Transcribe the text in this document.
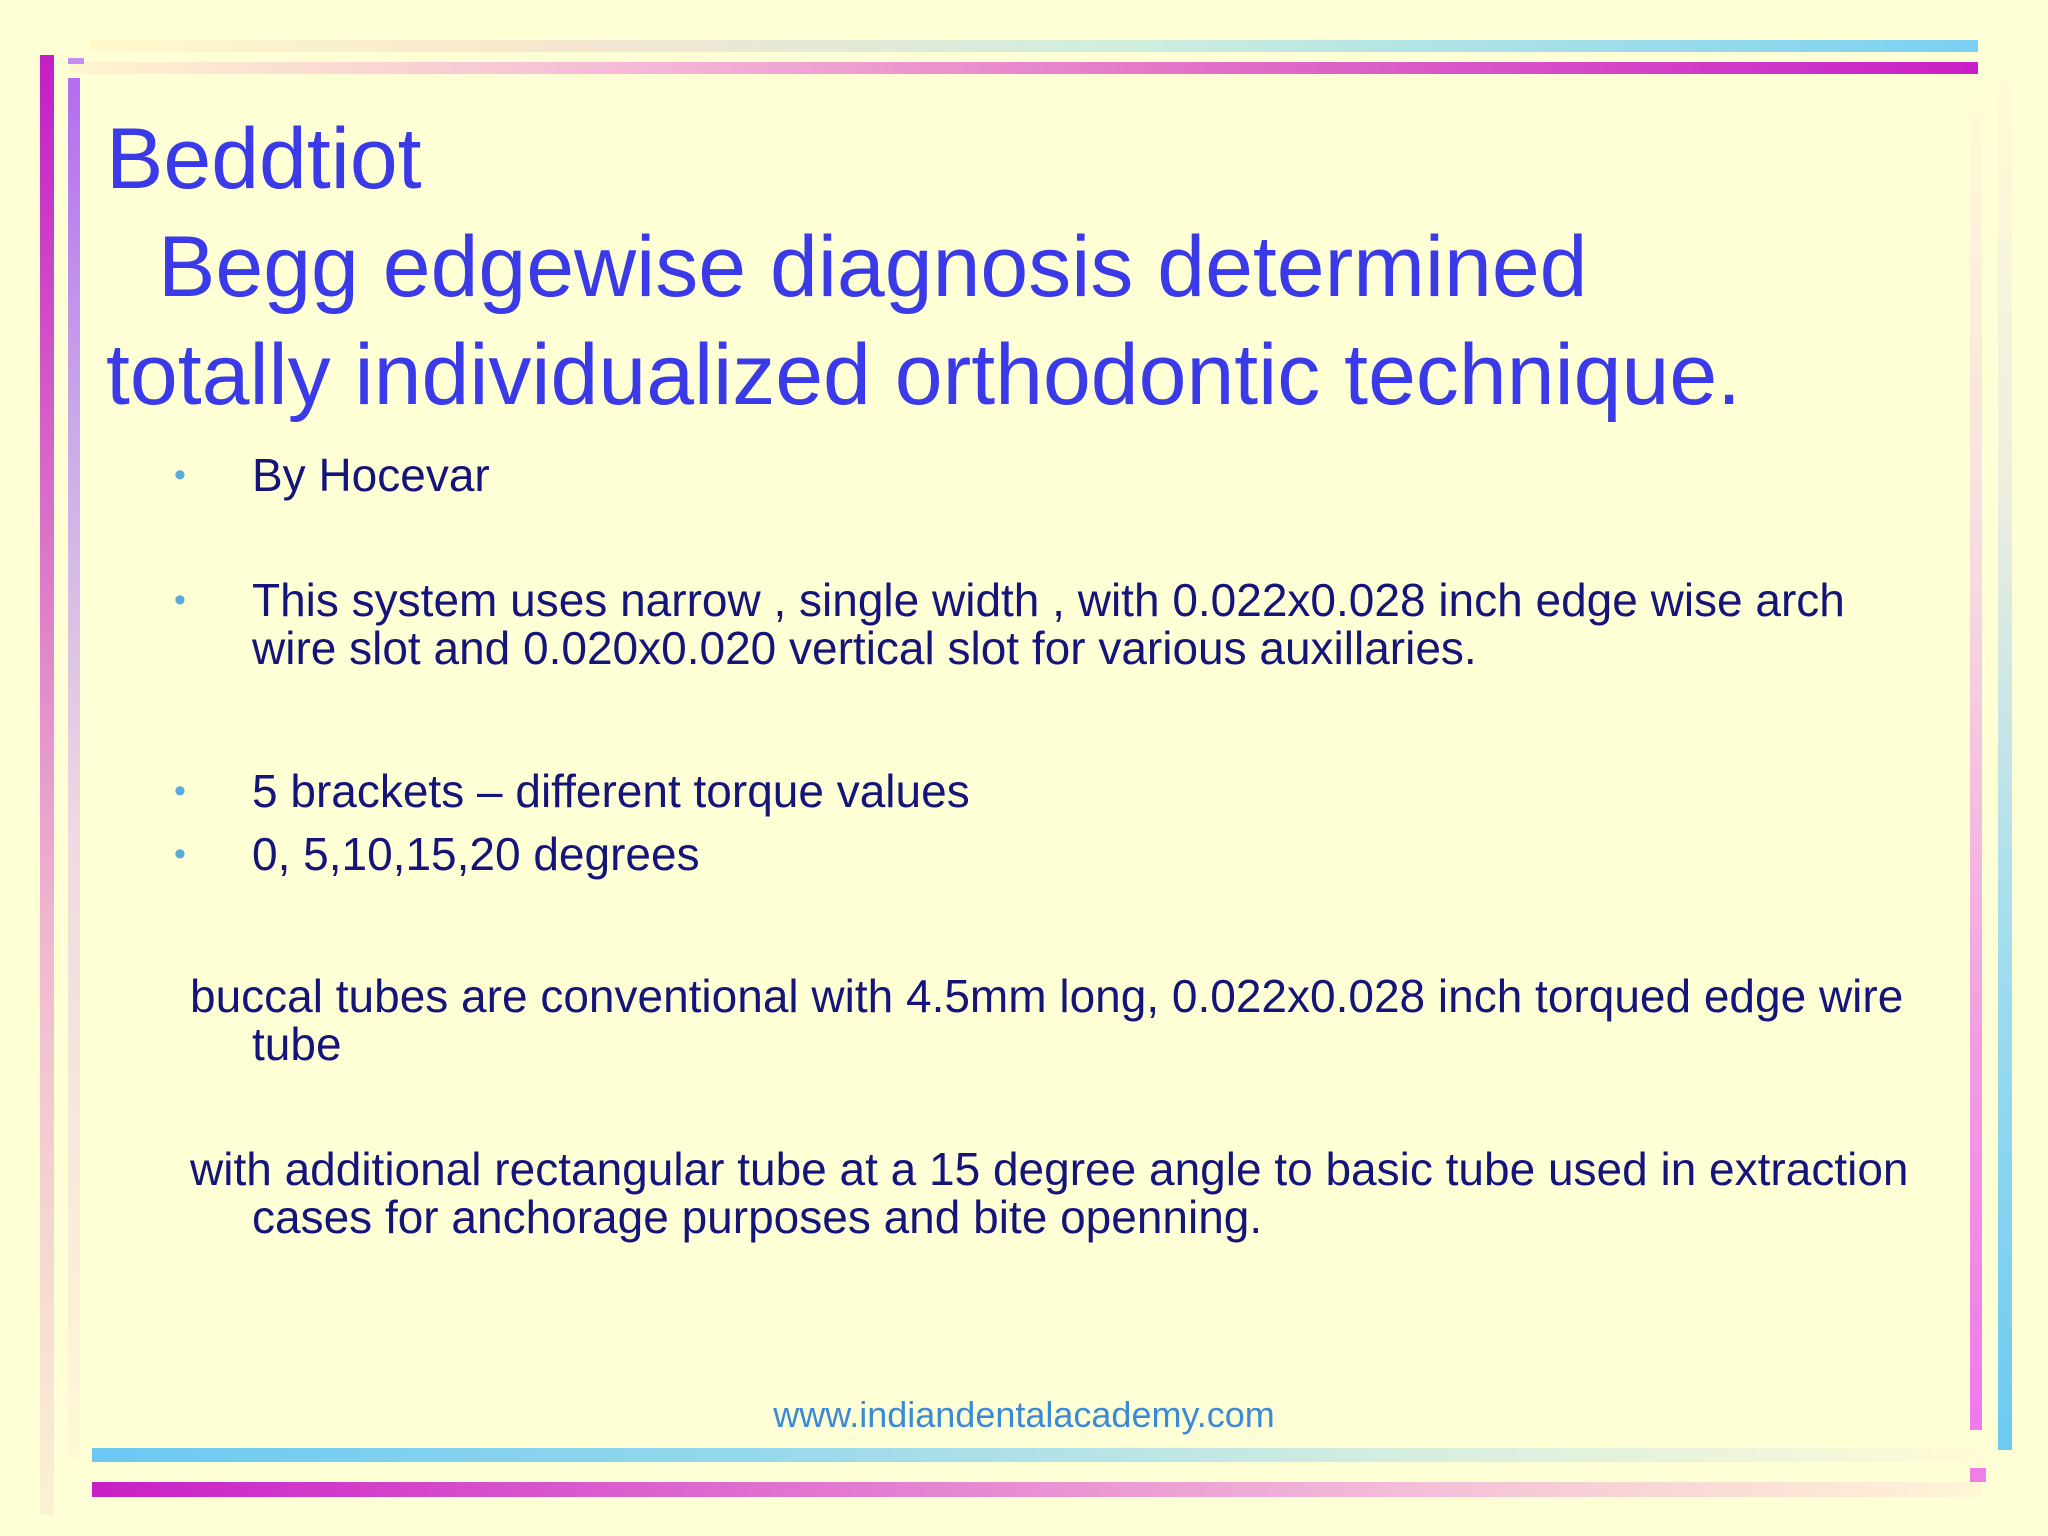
Beddtiot
Begg edgewise diagnosis determined
totally individualized orthodontic technique.
• By Hocevar
• This system uses narrow , single width , with 0.022x0.028 inch edge wise arch wire slot and 0.020x0.020 vertical slot for various auxillaries.
• 5 brackets – different torque values
• 0, 5,10,15,20 degrees
buccal tubes are conventional with 4.5mm long, 0.022x0.028 inch torqued edge wire tube
with additional rectangular tube at a 15 degree angle to basic tube used in extraction cases for anchorage purposes and bite openning.
www.indiandentalacademy.com
